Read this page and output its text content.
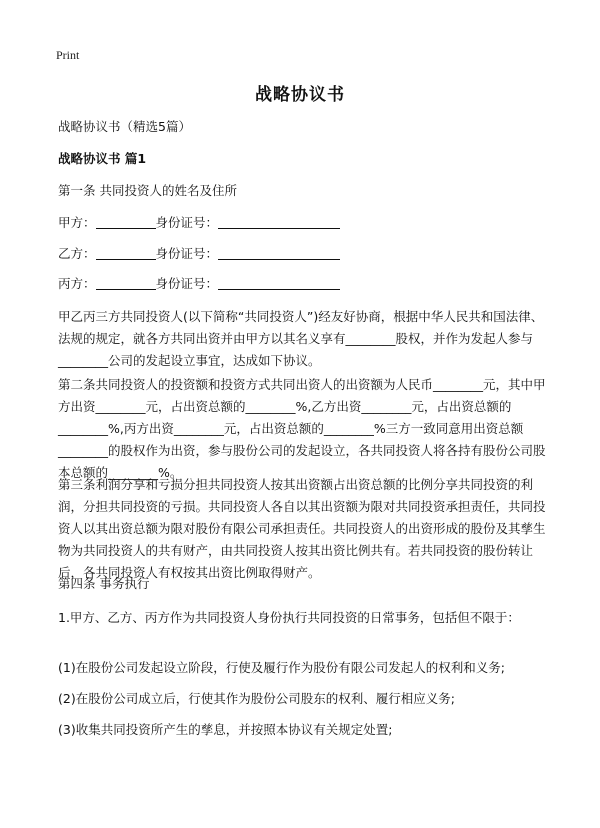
Print
战略协议书

战略协议书（精选5篇）

战略协议书 篇1

第一条 共同投资人的姓名及住所

甲方：	身份证号：
乙方：	身份证号：
丙方：	身份证号：

甲乙丙三方共同投资人(以下简称“共同投资人”)经友好协商，根据中华人民共和国法律、法规的规定，就各方共同出资并由甲方以其名义享有________股权，并作为发起人参与________公司的发起设立事宜，达成如下协议。

第二条共同投资人的投资额和投资方式共同出资人的出资额为人民币________元，其中甲方出资________元，占出资总额的________%,乙方出资________元，占出资总额的________%,丙方出资________元，占出资总额的________%三方一致同意用出资总额________的股权作为出资，参与股份公司的发起设立，各共同投资人将各持有股份公司股本总额的________%。

第三条利润分享和亏损分担共同投资人按其出资额占出资总额的比例分享共同投资的利润，分担共同投资的亏损。共同投资人各自以其出资额为限对共同投资承担责任，共同投资人以其出资总额为限对股份有限公司承担责任。共同投资人的出资形成的股份及其孳生物为共同投资人的共有财产，由共同投资人按其出资比例共有。若共同投资的股份转让后，各共同投资人有权按其出资比例取得财产。

第四条 事务执行

1.甲方、乙方、丙方作为共同投资人身份执行共同投资的日常事务，包括但不限于：

(1)在股份公司发起设立阶段，行使及履行作为股份有限公司发起人的权利和义务;

(2)在股份公司成立后，行使其作为股份公司股东的权利、履行相应义务;

(3)收集共同投资所产生的孳息，并按照本协议有关规定处置;
